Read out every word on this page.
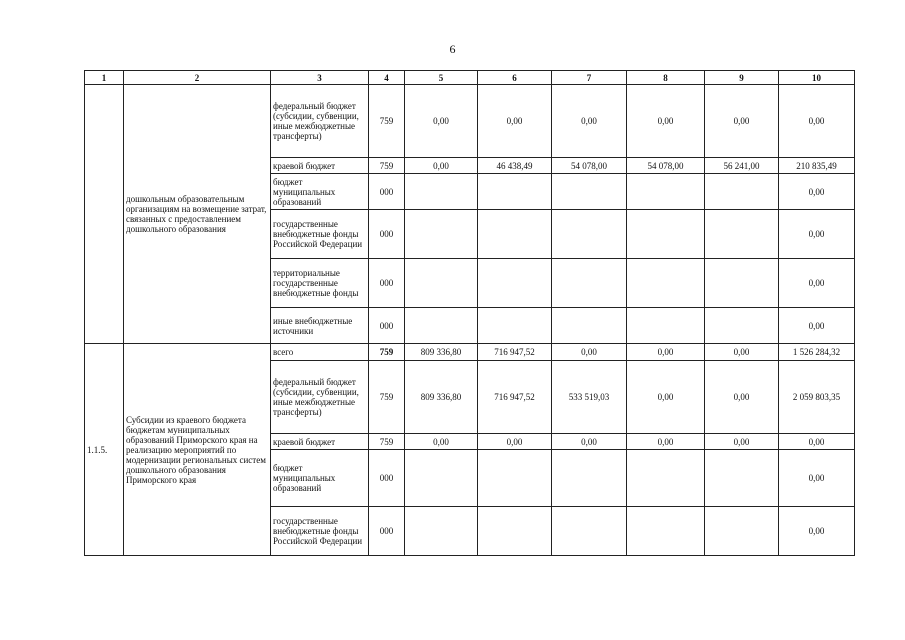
6
1	2	3	4	5	6	7	8	9	10
	дошкольным образовательным организациям на возмещение затрат, связанных с предоставлением дошкольного образования	федеральный бюджет (субсидии, субвенции, иные межбюджетные трансферты)	759	0,00	0,00	0,00	0,00	0,00	0,00
		краевой бюджет	759	0,00	46 438,49	54 078,00	54 078,00	56 241,00	210 835,49
		бюджет муниципальных образований	000						0,00
		государственные внебюджетные фонды Российской Федерации	000						0,00
		территориальные государственные внебюджетные фонды	000						0,00
		иные внебюджетные источники	000						0,00
1.1.5.	Субсидии из краевого бюджета бюджетам муниципальных образований Приморского края на реализацию мероприятий по модернизации региональных систем дошкольного образования Приморского края	всего	759	809 336,80	716 947,52	0,00	0,00	0,00	1 526 284,32
		федеральный бюджет (субсидии, субвенции, иные межбюджетные трансферты)	759	809 336,80	716 947,52	533 519,03	0,00	0,00	2 059 803,35
		краевой бюджет	759	0,00	0,00	0,00	0,00	0,00	0,00
		бюджет муниципальных образований	000						0,00
		государственные внебюджетные фонды Российской Федерации	000						0,00
